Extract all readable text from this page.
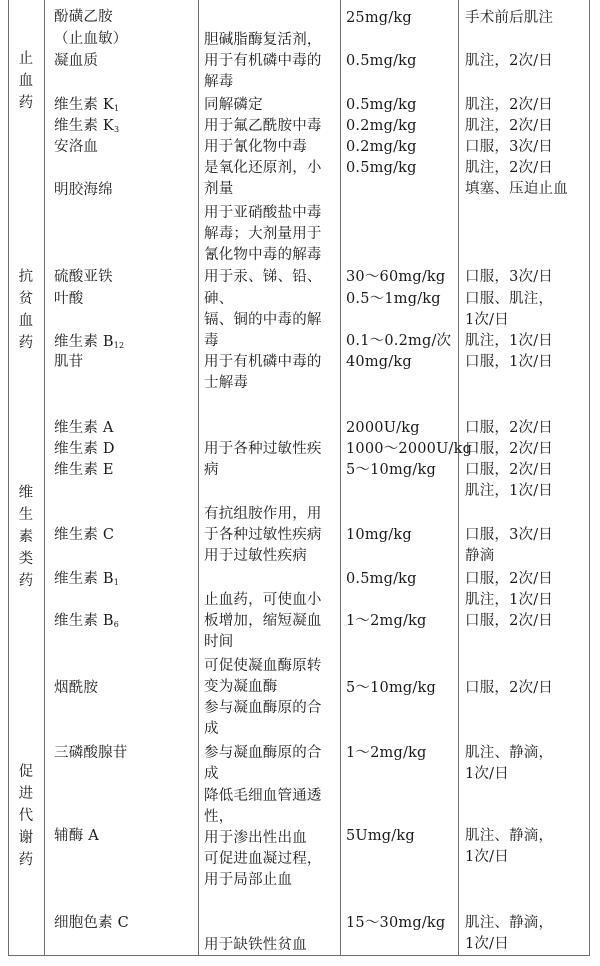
止
血
药
抗
贫
血
药
维
生
素
类
药
促
进
代
谢
药
酚磺乙胺
（止血敏）
凝血质
维生素 $K_1$
维生素 $K_3$
安洛血
明胶海绵
硫酸亚铁
叶酸
维生素 $B_{12}$
肌苷
维生素 A
维生素 D
维生素 E
维生素 C
维生素 $B_1$
维生素 $B_6$
烟酰胺
三磷酸腺苷
辅酶 A
细胞色素 C
胆碱脂酶复活剂，
用于有机磷中毒的
解毒
同解磷定
用于氟乙酰胺中毒
用于氰化物中毒
是氧化还原剂，小
剂量
用于亚硝酸盐中毒
解毒；大剂量用于
氰化物中毒的解毒
用于汞、锑、铅、
砷、
镉、铜的中毒的解
毒
用于有机磷中毒的
士解毒
用于各种过敏性疾
病
有抗组胺作用，用
于各种过敏性疾病
用于过敏性疾病
止血药，可使血小
板增加，缩短凝血
时间
可促使凝血酶原转
变为凝血酶
参与凝血酶原的合
成
参与凝血酶原的合
成
降低毛细血管通透
性，
用于渗出性出血
可促进血凝过程，
用于局部止血
用于缺铁性贫血
25mg/kg
0.5mg/kg
0.5mg/kg
0.2mg/kg
0.2mg/kg
0.5mg/kg
30～60mg/kg
0.5～1mg/kg
0.1～0.2mg/次
40mg/kg
2000U/kg
1000～2000U/kg
5～10mg/kg
10mg/kg
0.5mg/kg
1～2mg/kg
5～10mg/kg
1～2mg/kg
5Umg/kg
15～30mg/kg
手术前后肌注
肌注，2次/日
肌注，2次/日
肌注，2次/日
口服，3次/日
肌注，2次/日
填塞、压迫止血
口服，3次/日
口服、肌注，
1次/日
肌注，1次/日
口服，1次/日
口服，2次/日
口服，2次/日
口服，2次/日
肌注，1次/日
口服，3次/日
静滴
口服，2次/日
肌注，1次/日
口服，2次/日
口服，2次/日
肌注、静滴，
1次/日
肌注、静滴，
1次/日
肌注、静滴，
1次/日
